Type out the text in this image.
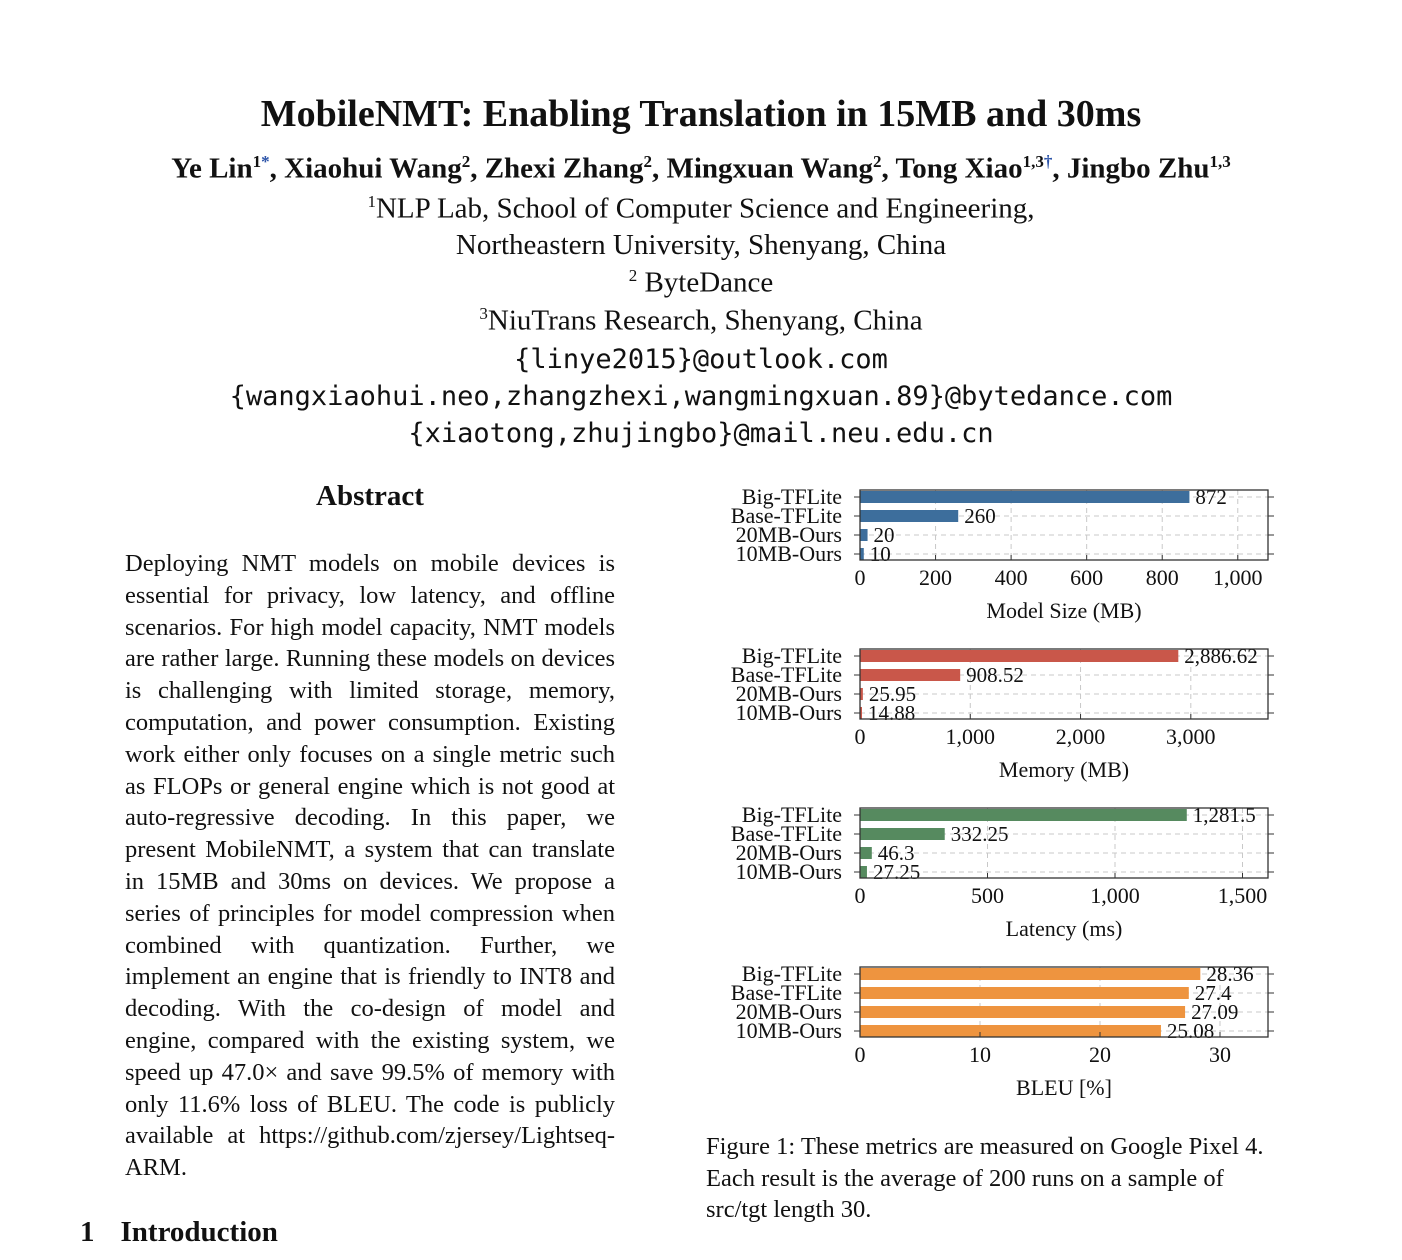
MobileNMT: Enabling Translation in 15MB and 30ms
Ye Lin$^{1*}$, Xiaohui Wang$^2$, Zhexi Zhang$^2$, Mingxuan Wang$^2$, Tong Xiao$^{1,3\dagger}$, Jingbo Zhu$^{1,3}$
$^1$NLP Lab, School of Computer Science and Engineering,
Northeastern University, Shenyang, China
$^2$ ByteDance
$^3$NiuTrans Research, Shenyang, China
{linye2015}@outlook.com
{wangxiaohui.neo,zhangzhexi,wangmingxuan.89}@bytedance.com
{xiaotong,zhujingbo}@mail.neu.edu.cn
Abstract
Deploying NMT models on mobile devices is essential for privacy, low latency, and offline scenarios. For high model capacity, NMT models are rather large. Running these models on devices is challenging with limited storage, memory, computation, and power consumption. Existing work either only focuses on a single metric such as FLOPs or general engine which is not good at auto-regressive decoding. In this paper, we present MobileNMT, a system that can translate in 15MB and 30ms on devices. We propose a series of principles for model compression when combined with quantization. Further, we implement an engine that is friendly to INT8 and decoding. With the co-design of model and engine, compared with the existing system, we speed up 47.0× and save 99.5% of memory with only 11.6% loss of BLEU. The code is publicly available at https://github.com/zjersey/Lightseq-ARM.
1 Introduction
872
260
20
10
Big-TFLite
Base-TFLite
20MB-Ours
10MB-Ours
0 200 400 600 800 1,000
Model Size (MB)
2,886.62
908.52
25.95
14.88
Big-TFLite
Base-TFLite
20MB-Ours
10MB-Ours
0	1,000	2,000	3,000
Memory (MB)
1,281.5
332.25
46.3
27.25
Big-TFLite
Base-TFLite
20MB-Ours
10MB-Ours
0	500	1,000	1,500
Latency (ms)
28.36
27.4
27.09
25.08
Big-TFLite
Base-TFLite
20MB-Ours
10MB-Ours
0	10	20	30
BLEU [%]
Figure 1: These metrics are measured on Google Pixel 4. Each result is the average of 200 runs on a sample of src/tgt length 30.
